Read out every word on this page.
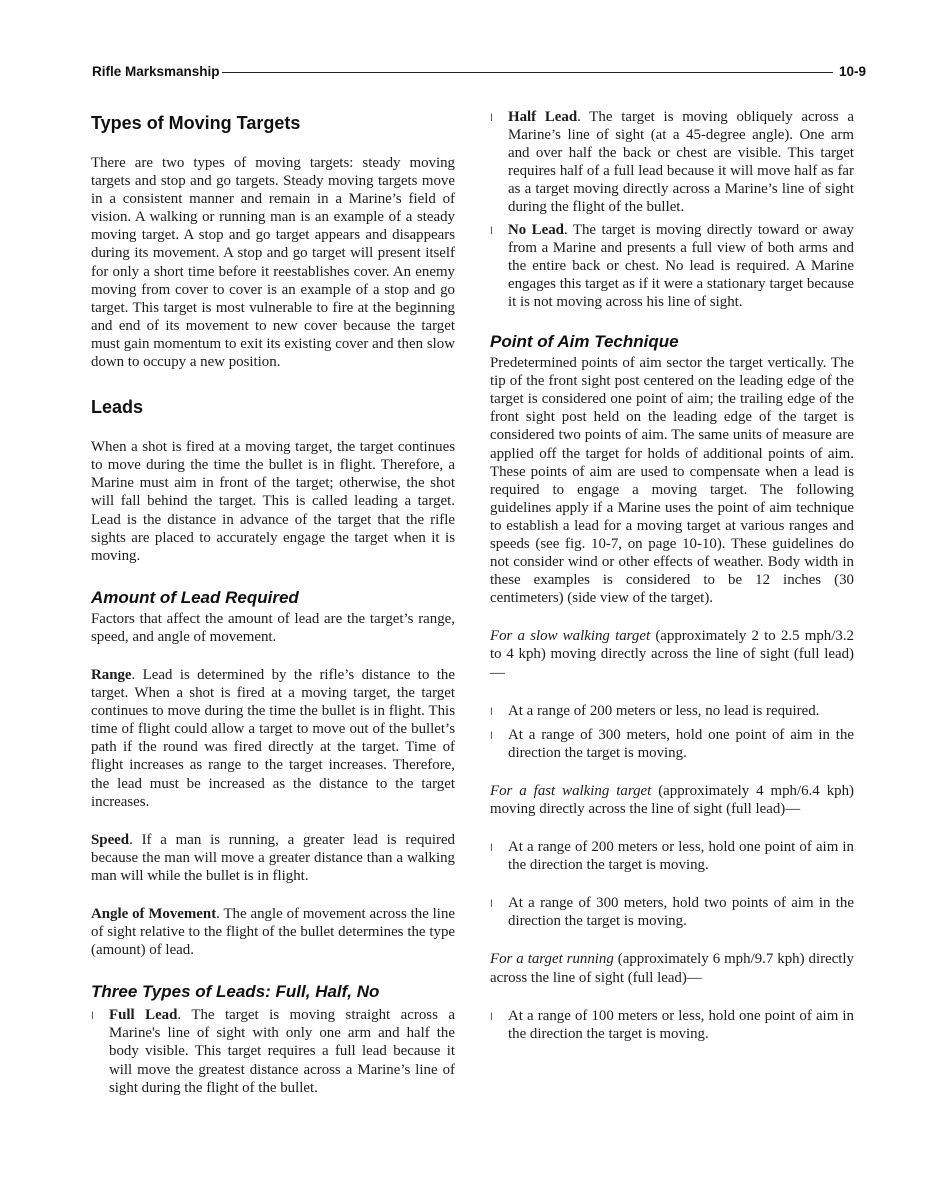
Rifle Marksmanship	10-9
Types of Moving Targets

There are two types of moving targets: steady moving targets and stop and go targets. Steady moving targets move in a consistent manner and remain in a Marine’s field of vision. A walking or running man is an example of a steady moving target. A stop and go target appears and disappears during its movement. A stop and go target will present itself for only a short time before it reestablishes cover. An enemy moving from cover to cover is an example of a stop and go target. This target is most vulnerable to fire at the beginning and end of its movement to new cover because the target must gain momentum to exit its existing cover and then slow down to occupy a new position.

Leads

When a shot is fired at a moving target, the target continues to move during the time the bullet is in flight. Therefore, a Marine must aim in front of the target; otherwise, the shot will fall behind the target. This is called leading a target. Lead is the distance in advance of the target that the rifle sights are placed to accurately engage the target when it is moving.

Amount of Lead Required

Factors that affect the amount of lead are the target’s range, speed, and angle of movement.

Range. Lead is determined by the rifle’s distance to the target. When a shot is fired at a moving target, the target continues to move during the time the bullet is in flight. This time of flight could allow a target to move out of the bullet’s path if the round was fired directly at the target. Time of flight increases as range to the target increases. Therefore, the lead must be increased as the distance to the target increases.

Speed. If a man is running, a greater lead is required because the man will move a greater distance than a walking man will while the bullet is in flight.

Angle of Movement. The angle of movement across the line of sight relative to the flight of the bullet determines the type (amount) of lead.

Three Types of Leads: Full, Half, No
l	Full Lead. The target is moving straight across a Marine's line of sight with only one arm and half the body visible. This target requires a full lead because it will move the greatest distance across a Marine’s line of sight during the flight of the bullet.
l	Half Lead. The target is moving obliquely across a Marine’s line of sight (at a 45-degree angle). One arm and over half the back or chest are visible. This target requires half of a full lead because it will move half as far as a target moving directly across a Marine’s line of sight during the flight of the bullet.
l	No Lead. The target is moving directly toward or away from a Marine and presents a full view of both arms and the entire back or chest. No lead is required. A Marine engages this target as if it were a stationary target because it is not moving across his line of sight.
Point of Aim Technique

Predetermined points of aim sector the target vertically. The tip of the front sight post centered on the leading edge of the target is considered one point of aim; the trailing edge of the front sight post held on the leading edge of the target is considered two points of aim. The same units of measure are applied off the target for holds of additional points of aim. These points of aim are used to compensate when a lead is required to engage a moving target. The following guidelines apply if a Marine uses the point of aim technique to establish a lead for a moving target at various ranges and speeds (see fig. 10-7, on page 10-10). These guidelines do not consider wind or other effects of weather. Body width in these examples is considered to be 12 inches (30 centimeters) (side view of the target).

For a slow walking target (approximately 2 to 2.5 mph/3.2 to 4 kph) moving directly across the line of sight (full lead)—

l	At a range of 200 meters or less, no lead is required.
l	At a range of 300 meters, hold one point of aim in the direction the target is moving.

For a fast walking target (approximately 4 mph/6.4 kph) moving directly across the line of sight (full lead)—

l	At a range of 200 meters or less, hold one point of aim in the direction the target is moving.
l	At a range of 300 meters, hold two points of aim in the direction the target is moving.

For a target running (approximately 6 mph/9.7 kph) directly across the line of sight (full lead)—

l	At a range of 100 meters or less, hold one point of aim in the direction the target is moving.
